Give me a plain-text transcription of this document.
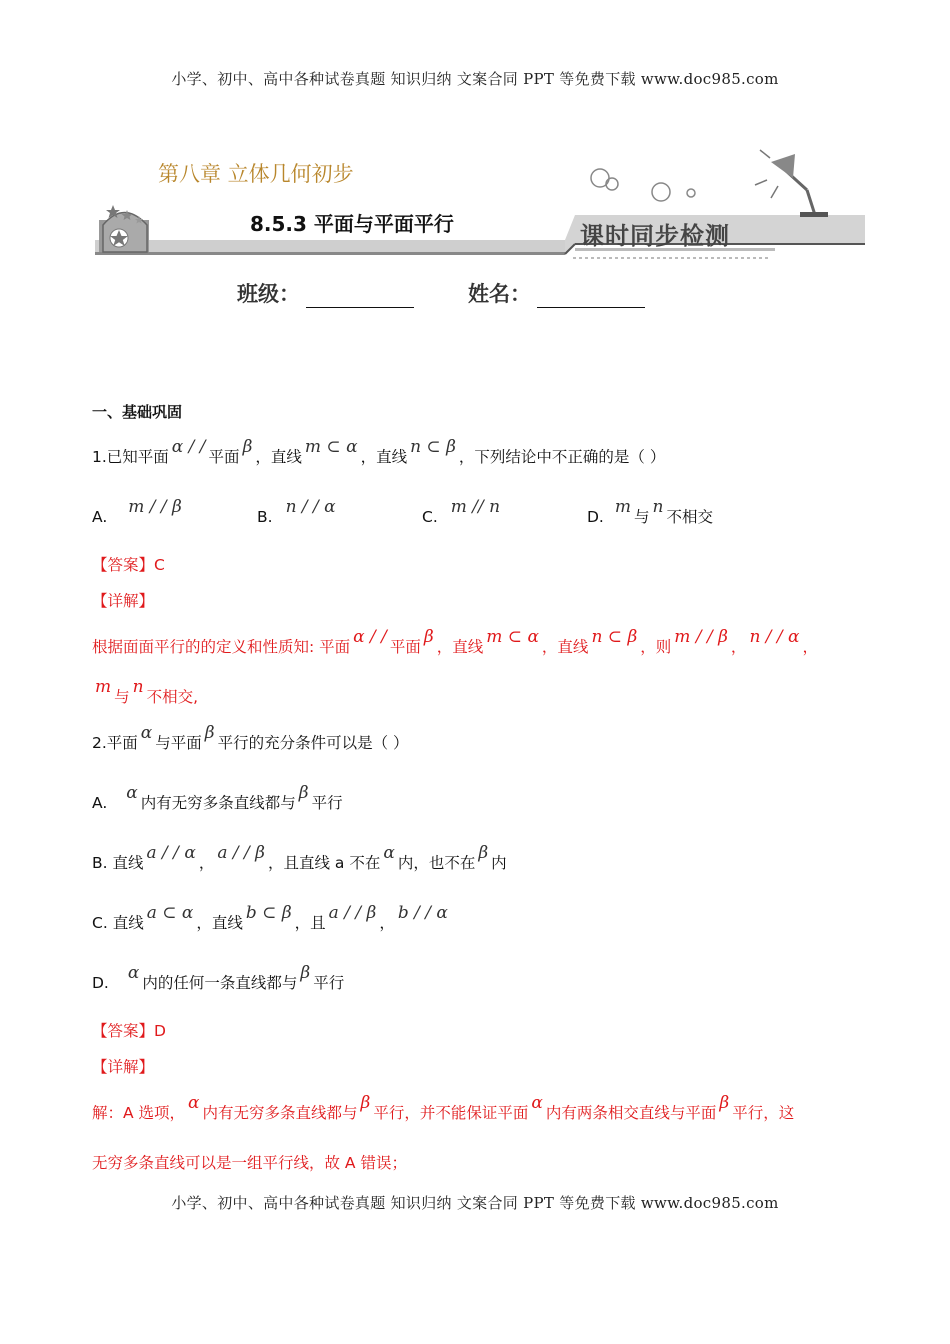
小学、初中、高中各种试卷真题 知识归纳 文案合同 PPT 等免费下载 www.doc985.com
第八章 立体几何初步
8.5.3 平面与平面平行	课时同步检测
班级：	姓名：
一、基础巩固
1.已知平面 α / / 平面 β ，直线 m ⊂ α ，直线 n ⊂ β ，下列结论中不正确的是（ ）
A. m / / β	B. n / / α	C. m // n	D. m 与 n 不相交
【答案】C
【详解】
根据面面平行的的定义和性质知: 平面 α / / 平面 β ，直线 m ⊂ α ，直线 n ⊂ β ，则 m / / β ， n / / α ，
m 与 n 不相交,
2.平面 α 与平面 β 平行的充分条件可以是（ ）
A. α 内有无穷多条直线都与 β 平行
B. 直线 a / / α ， a / / β ，且直线 a 不在 α 内，也不在 β 内
C. 直线 a ⊂ α ，直线 b ⊂ β ，且 a / / β ， b / / α
D. α 内的任何一条直线都与 β 平行
【答案】D
【详解】
解：A 选项， α 内有无穷多条直线都与 β 平行，并不能保证平面 α 内有两条相交直线与平面 β 平行，这
无穷多条直线可以是一组平行线，故 A 错误；
小学、初中、高中各种试卷真题 知识归纳 文案合同 PPT 等免费下载 www.doc985.com
